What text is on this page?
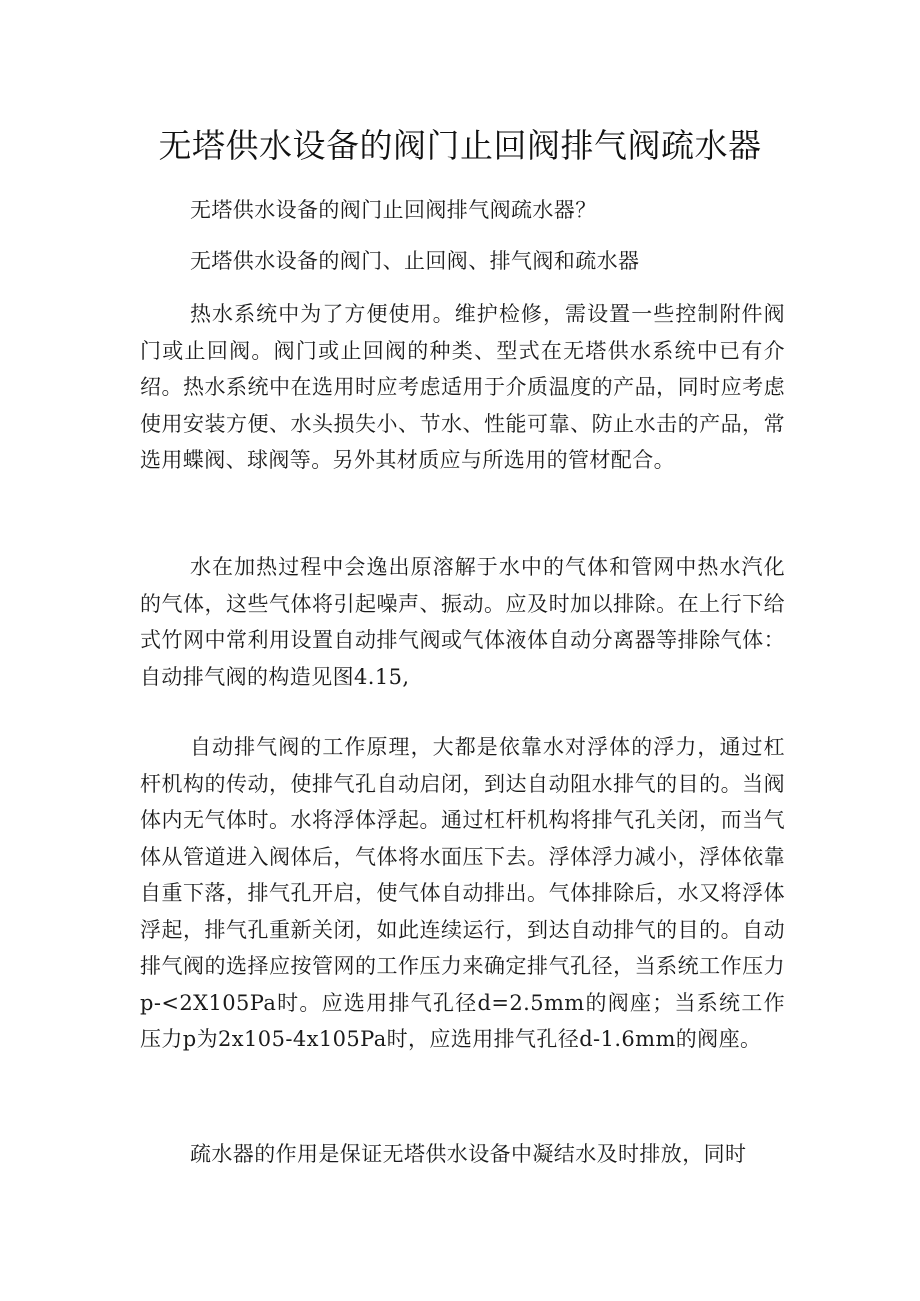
无塔供水设备的阀门止回阀排气阀疏水器

无塔供水设备的阀门止回阀排气阀疏水器？

无塔供水设备的阀门、止回阀、排气阀和疏水器

热水系统中为了方便使用。维护检修，需设置一些控制附件阀门或止回阀。阀门或止回阀的种类、型式在无塔供水系统中已有介绍。热水系统中在选用时应考虑适用于介质温度的产品，同时应考虑使用安装方便、水头损失小、节水、性能可靠、防止水击的产品，常选用蝶阀、球阀等。另外其材质应与所选用的管材配合。

水在加热过程中会逸出原溶解于水中的气体和管网中热水汽化的气体，这些气体将引起噪声、振动。应及时加以排除。在上行下给式竹网中常利用设置自动排气阀或气体液体自动分离器等排除气体：自动排气阀的构造见图4.15,

自动排气阀的工作原理，大都是依靠水对浮体的浮力，通过杠杆机构的传动，使排气孔自动启闭，到达自动阻水排气的目的。当阀体内无气体时。水将浮体浮起。通过杠杆机构将排气孔关闭，而当气体从管道进入阀体后，气体将水面压下去。浮体浮力减小，浮体依靠自重下落，排气孔开启，使气体自动排出。气体排除后，水又将浮体浮起，排气孔重新关闭，如此连续运行，到达自动排气的目的。自动排气阀的选择应按管网的工作压力来确定排气孔径，当系统工作压力p-<2X105Pa时。应选用排气孔径d=2.5mm的阀座；当系统工作压力p为2x105-4x105Pa时，应选用排气孔径d-1.6mm的阀座。

疏水器的作用是保证无塔供水设备中凝结水及时排放，同时
